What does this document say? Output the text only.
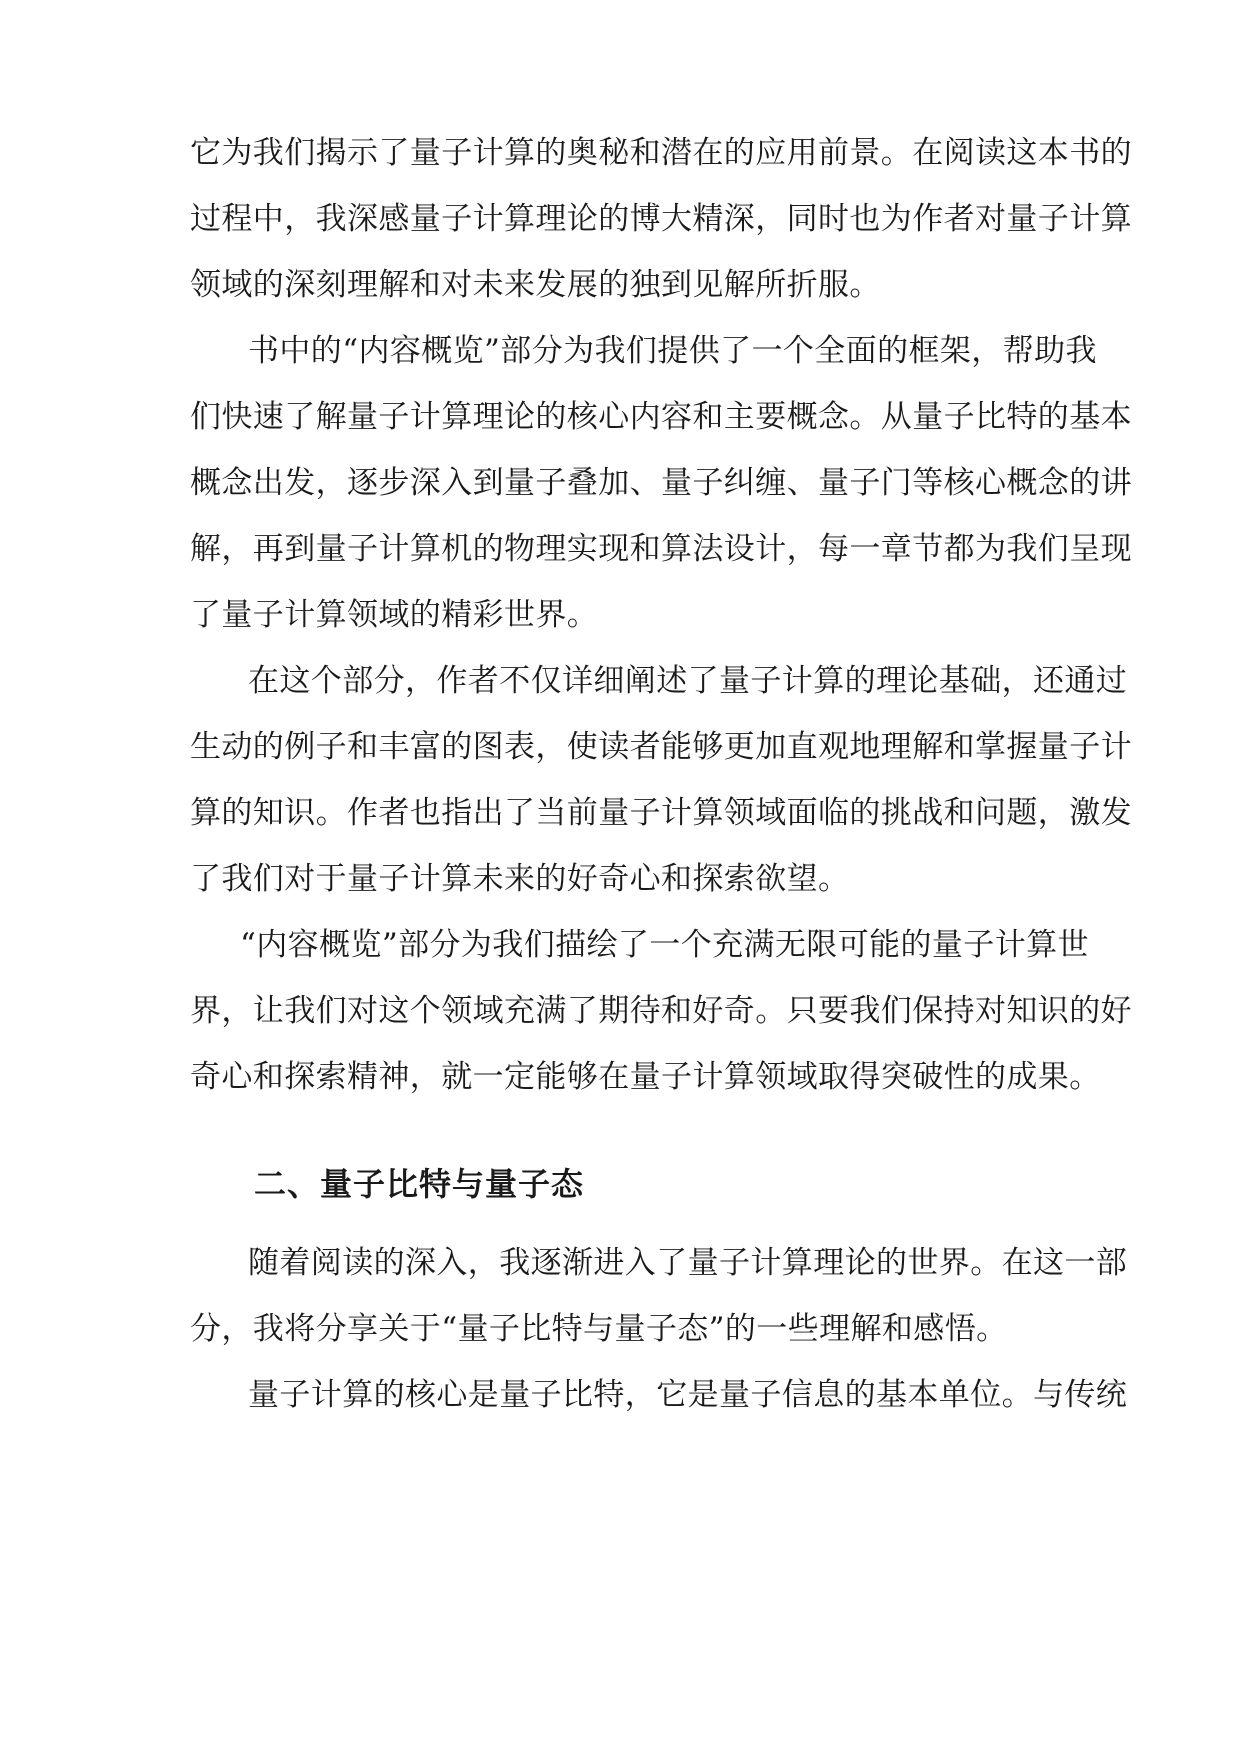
它为我们揭示了量子计算的奥秘和潜在的应用前景。在阅读这本书的
过程中，我深感量子计算理论的博大精深，同时也为作者对量子计算
领域的深刻理解和对未来发展的独到见解所折服。
书中的“内容概览”部分为我们提供了一个全面的框架，帮助我
们快速了解量子计算理论的核心内容和主要概念。从量子比特的基本
概念出发，逐步深入到量子叠加、量子纠缠、量子门等核心概念的讲
解，再到量子计算机的物理实现和算法设计，每一章节都为我们呈现
了量子计算领域的精彩世界。
在这个部分，作者不仅详细阐述了量子计算的理论基础，还通过
生动的例子和丰富的图表，使读者能够更加直观地理解和掌握量子计
算的知识。作者也指出了当前量子计算领域面临的挑战和问题，激发
了我们对于量子计算未来的好奇心和探索欲望。
“内容概览”部分为我们描绘了一个充满无限可能的量子计算世
界，让我们对这个领域充满了期待和好奇。只要我们保持对知识的好
奇心和探索精神，就一定能够在量子计算领域取得突破性的成果。
二、量子比特与量子态
随着阅读的深入，我逐渐进入了量子计算理论的世界。在这一部
分，我将分享关于“量子比特与量子态”的一些理解和感悟。
量子计算的核心是量子比特，它是量子信息的基本单位。与传统
